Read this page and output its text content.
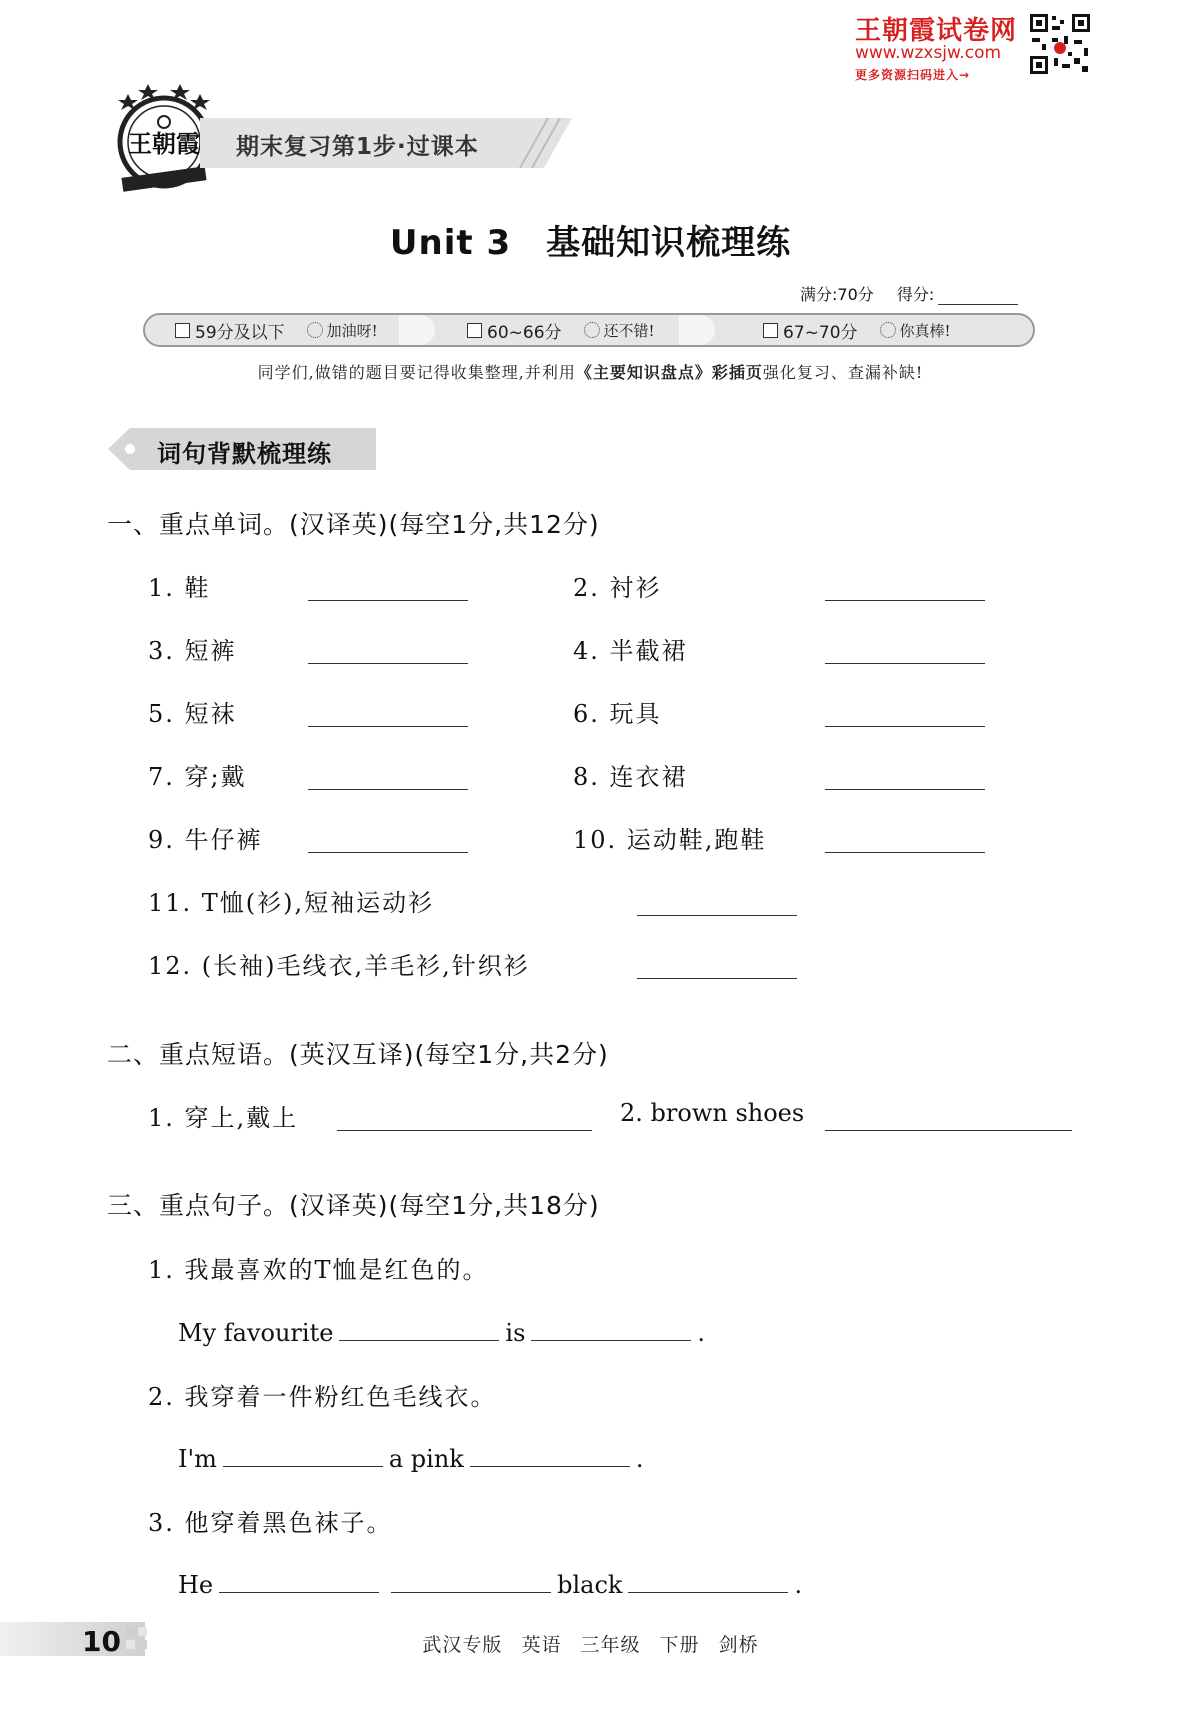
王朝霞试卷网
www.wzxsjw.com
更多资源扫码进入→
王朝霞 期末复习第1步·过课本
Unit 3　基础知识梳理练
满分:70分 得分:
59分及以下	加油呀!	60~66分	还不错!	67~70分	你真棒!
同学们,做错的题目要记得收集整理,并利用《主要知识盘点》彩插页强化复习、查漏补缺!
词句背默梳理练
一、重点单词。(汉译英)(每空1分,共12分)
1. 鞋	2. 衬衫
3. 短裤	4. 半截裙
5. 短袜	6. 玩具
7. 穿;戴	8. 连衣裙
9. 牛仔裤	10. 运动鞋,跑鞋
11. T恤(衫),短袖运动衫
12. (长袖)毛线衣,羊毛衫,针织衫
二、重点短语。(英汉互译)(每空1分,共2分)
1. 穿上,戴上	2. brown shoes
三、重点句子。(汉译英)(每空1分,共18分)
1. 我最喜欢的T恤是红色的。
My favourite	is	.
2. 我穿着一件粉红色毛线衣。
I'm	a pink	.
3. 他穿着黑色袜子。
He	black	.
10	武汉专版 英语 三年级 下册 剑桥
